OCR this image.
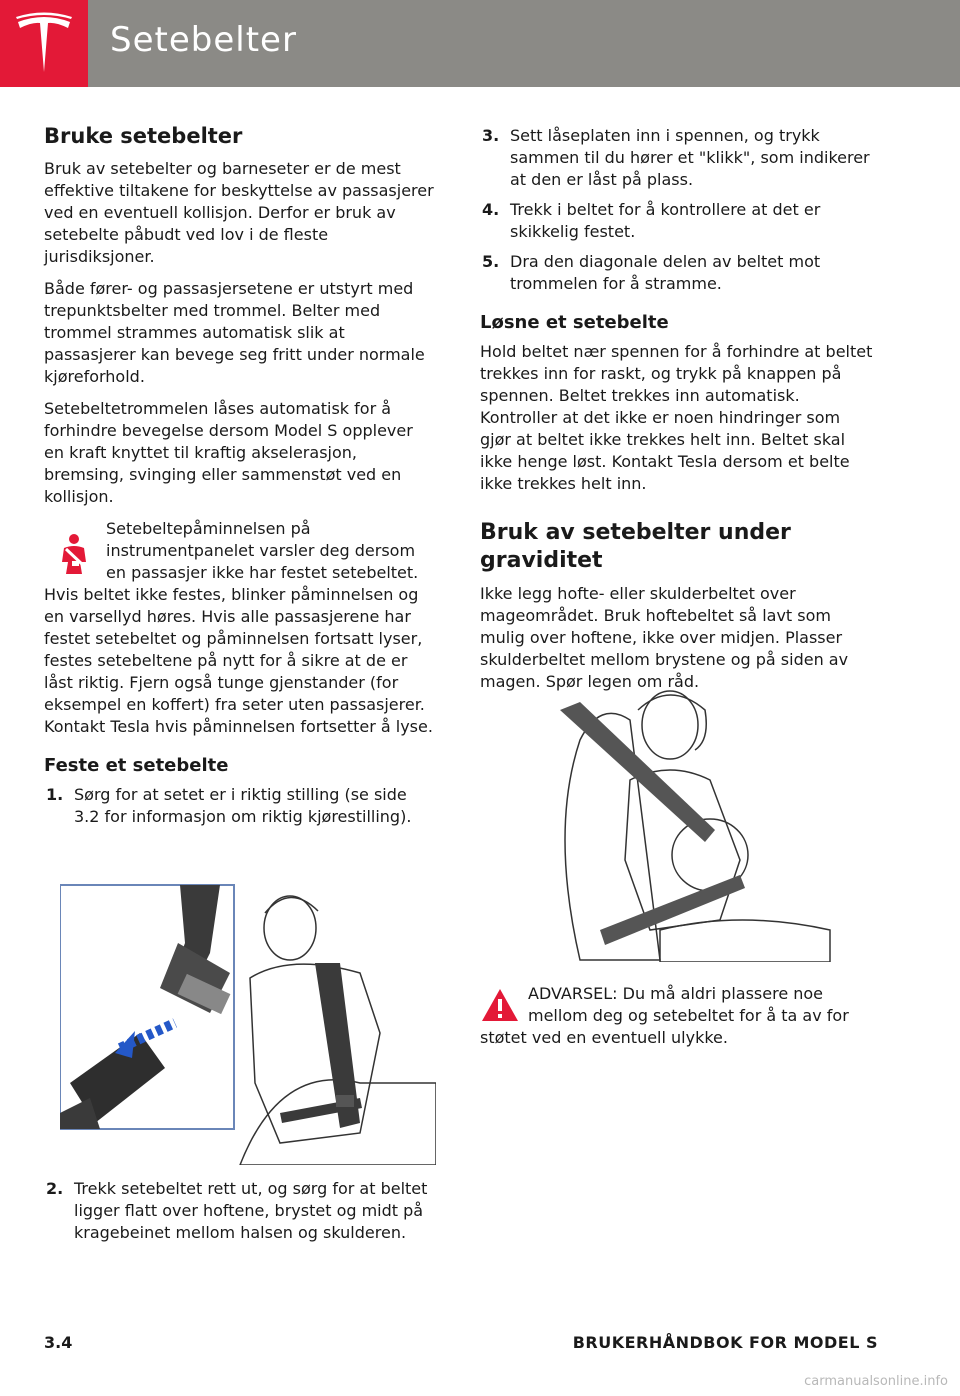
Setebelter
Bruke setebelter

Bruk av setebelter og barneseter er de mest effektive tiltakene for beskyttelse av passasjerer ved en eventuell kollisjon. Derfor er bruk av setebelte påbudt ved lov i de fleste jurisdiksjoner.

Både fører- og passasjersetene er utstyrt med trepunktsbelter med trommel. Belter med trommel strammes automatisk slik at passasjerer kan bevege seg fritt under normale kjøreforhold.

Setebeltetrommelen låses automatisk for å forhindre bevegelse dersom Model S opplever en kraft knyttet til kraftig akselerasjon, bremsing, svinging eller sammenstøt ved en kollisjon.

Setebeltepåminnelsen på instrumentpanelet varsler deg dersom en passasjer ikke har festet setebeltet.

Hvis beltet ikke festes, blinker påminnelsen og en varsellyd høres. Hvis alle passasjerene har festet setebeltet og påminnelsen fortsatt lyser, festes setebeltene på nytt for å sikre at de er låst riktig. Fjern også tunge gjenstander (for eksempel en koffert) fra seter uten passasjerer. Kontakt Tesla hvis påminnelsen fortsetter å lyse.

Feste et setebelte
1. Sørg for at setet er i riktig stilling (se side 3.2 for informasjon om riktig kjørestilling).
2. Trekk setebeltet rett ut, og sørg for at beltet ligger flatt over hoftene, brystet og midt på kragebeinet mellom halsen og skulderen.
3. Sett låseplaten inn i spennen, og trykk sammen til du hører et "klikk", som indikerer at den er låst på plass.
4. Trekk i beltet for å kontrollere at det er skikkelig festet.
5. Dra den diagonale delen av beltet mot trommelen for å stramme.
Løsne et setebelte

Hold beltet nær spennen for å forhindre at beltet trekkes inn for raskt, og trykk på knappen på spennen. Beltet trekkes inn automatisk. Kontroller at det ikke er noen hindringer som gjør at beltet ikke trekkes helt inn. Beltet skal ikke henge løst. Kontakt Tesla dersom et belte ikke trekkes helt inn.

Bruk av setebelter under graviditet

Ikke legg hofte- eller skulderbeltet over mageområdet. Bruk hoftebeltet så lavt som mulig over hoftene, ikke over midjen. Plasser skulderbeltet mellom brystene og på siden av magen. Spør legen om råd.

ADVARSEL: Du må aldri plassere noe mellom deg og setebeltet for å ta av for
støtet ved en eventuell ulykke.
3.4	BRUKERHÅNDBOK FOR MODEL S
carmanualsonline.info
